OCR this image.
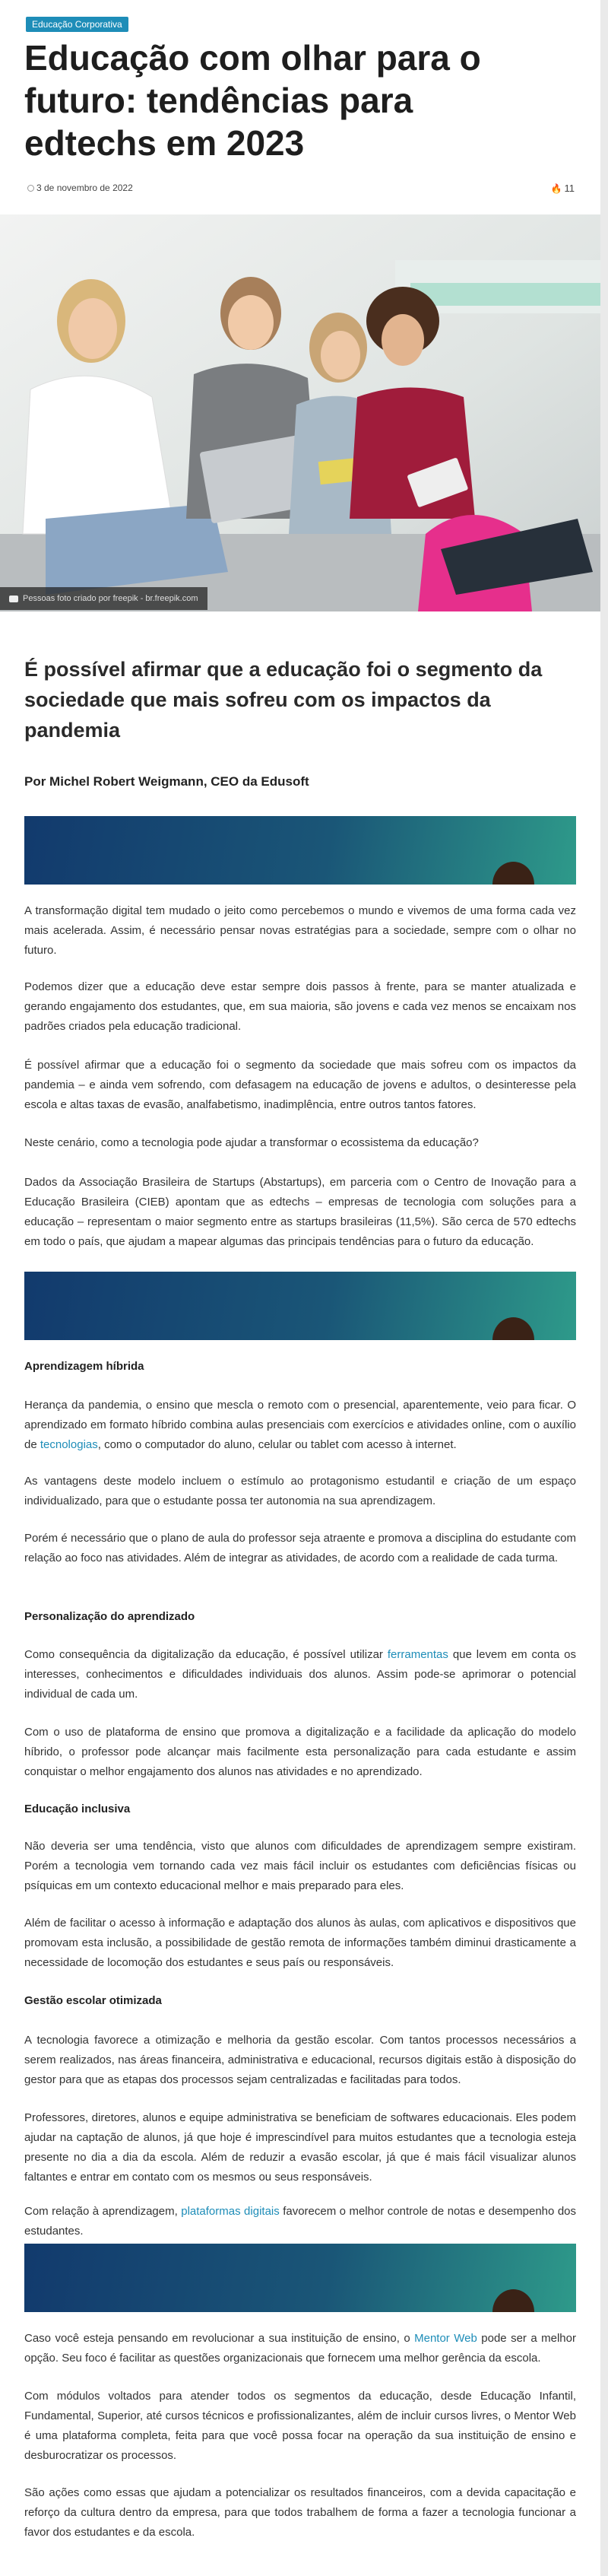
Educação Corporativa
Educação com olhar para o futuro: tendências para edtechs em 2023
3 de novembro de 2022	🔥 11
Pessoas foto criado por freepik - br.freepik.com
É possível afirmar que a educação foi o segmento da sociedade que mais sofreu com os impactos da pandemia
Por Michel Robert Weigmann, CEO da Edusoft

A transformação digital tem mudado o jeito como percebemos o mundo e vivemos de uma forma cada vez mais acelerada. Assim, é necessário pensar novas estratégias para a sociedade, sempre com o olhar no futuro.

Podemos dizer que a educação deve estar sempre dois passos à frente, para se manter atualizada e gerando engajamento dos estudantes, que, em sua maioria, são jovens e cada vez menos se encaixam nos padrões criados pela educação tradicional.

É possível afirmar que a educação foi o segmento da sociedade que mais sofreu com os impactos da pandemia – e ainda vem sofrendo, com defasagem na educação de jovens e adultos, o desinteresse pela escola e altas taxas de evasão, analfabetismo, inadimplência, entre outros tantos fatores.

Neste cenário, como a tecnologia pode ajudar a transformar o ecossistema da educação?

Dados da Associação Brasileira de Startups (Abstartups), em parceria com o Centro de Inovação para a Educação Brasileira (CIEB) apontam que as edtechs – empresas de tecnologia com soluções para a educação – representam o maior segmento entre as startups brasileiras (11,5%). São cerca de 570 edtechs em todo o país, que ajudam a mapear algumas das principais tendências para o futuro da educação.

Aprendizagem híbrida

Herança da pandemia, o ensino que mescla o remoto com o presencial, aparentemente, veio para ficar. O aprendizado em formato híbrido combina aulas presenciais com exercícios e atividades online, com o auxílio de tecnologias, como o computador do aluno, celular ou tablet com acesso à internet.

As vantagens deste modelo incluem o estímulo ao protagonismo estudantil e criação de um espaço individualizado, para que o estudante possa ter autonomia na sua aprendizagem.

Porém é necessário que o plano de aula do professor seja atraente e promova a disciplina do estudante com relação ao foco nas atividades. Além de integrar as atividades, de acordo com a realidade de cada turma.

Personalização do aprendizado

Como consequência da digitalização da educação, é possível utilizar ferramentas que levem em conta os interesses, conhecimentos e dificuldades individuais dos alunos. Assim pode-se aprimorar o potencial individual de cada um.

Com o uso de plataforma de ensino que promova a digitalização e a facilidade da aplicação do modelo híbrido, o professor pode alcançar mais facilmente esta personalização para cada estudante e assim conquistar o melhor engajamento dos alunos nas atividades e no aprendizado.

Educação inclusiva

Não deveria ser uma tendência, visto que alunos com dificuldades de aprendizagem sempre existiram. Porém a tecnologia vem tornando cada vez mais fácil incluir os estudantes com deficiências físicas ou psíquicas em um contexto educacional melhor e mais preparado para eles.

Além de facilitar o acesso à informação e adaptação dos alunos às aulas, com aplicativos e dispositivos que promovam esta inclusão, a possibilidade de gestão remota de informações também diminui drasticamente a necessidade de locomoção dos estudantes e seus país ou responsáveis.

Gestão escolar otimizada

A tecnologia favorece a otimização e melhoria da gestão escolar. Com tantos processos necessários a serem realizados, nas áreas financeira, administrativa e educacional, recursos digitais estão à disposição do gestor para que as etapas dos processos sejam centralizadas e facilitadas para todos.

Professores, diretores, alunos e equipe administrativa se beneficiam de softwares educacionais. Eles podem ajudar na captação de alunos, já que hoje é imprescindível para muitos estudantes que a tecnologia esteja presente no dia a dia da escola. Além de reduzir a evasão escolar, já que é mais fácil visualizar alunos faltantes e entrar em contato com os mesmos ou seus responsáveis.

Com relação à aprendizagem, plataformas digitais favorecem o melhor controle de notas e desempenho dos estudantes.

Caso você esteja pensando em revolucionar a sua instituição de ensino, o Mentor Web pode ser a melhor opção. Seu foco é facilitar as questões organizacionais que fornecem uma melhor gerência da escola.

Com módulos voltados para atender todos os segmentos da educação, desde Educação Infantil, Fundamental, Superior, até cursos técnicos e profissionalizantes, além de incluir cursos livres, o Mentor Web é uma plataforma completa, feita para que você possa focar na operação da sua instituição de ensino e desburocratizar os processos.

São ações como essas que ajudam a potencializar os resultados financeiros, com a devida capacitação e reforço da cultura dentro da empresa, para que todos trabalhem de forma a fazer a tecnologia funcionar a favor dos estudantes e da escola.
